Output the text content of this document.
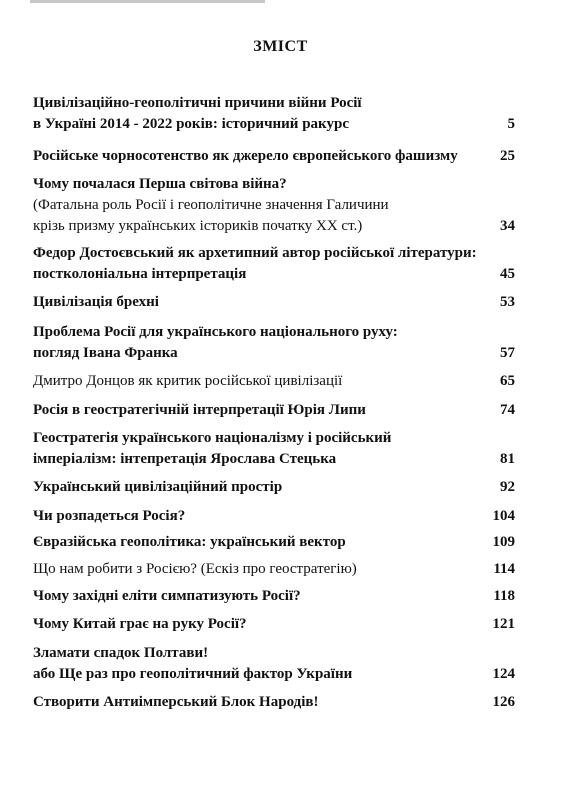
ЗМІСТ
Цивілізаційно-геополітичні причини війни Росії
в Україні 2014 - 2022 років: історичний ракурс	5
Російське чорносотенство як джерело європейського фашизму	25
Чому почалася Перша світова війна?
(Фатальна роль Росії і геополітичне значення Галичини
крізь призму українських істориків початку ХХ ст.)	34
Федор Достоєвський як архетипний автор російської літератури:
постколоніальна інтерпретація	45
Цивілізація брехні	53
Проблема Росії для українського національного руху:
погляд Івана Франка	57
Дмитро Донцов як критик російської цивілізації	65
Росія в геостратегічній інтерпретації Юрія Липи	74
Геостратегія українського націоналізму і російський
імперіалізм: інтепретація Ярослава Стецька	81
Український цивілізаційний простір	92
Чи розпадеться Росія?	104
Євразійська геополітика: український вектор	109
Що нам робити з Росією? (Ескіз про геостратегію)	114
Чому західні еліти симпатизують Росії?	118
Чому Китай грає на руку Росії?	121
Зламати спадок Полтави!
або Ще раз про геополітичний фактор України	124
Створити Антиімперський Блок Народів!	126
